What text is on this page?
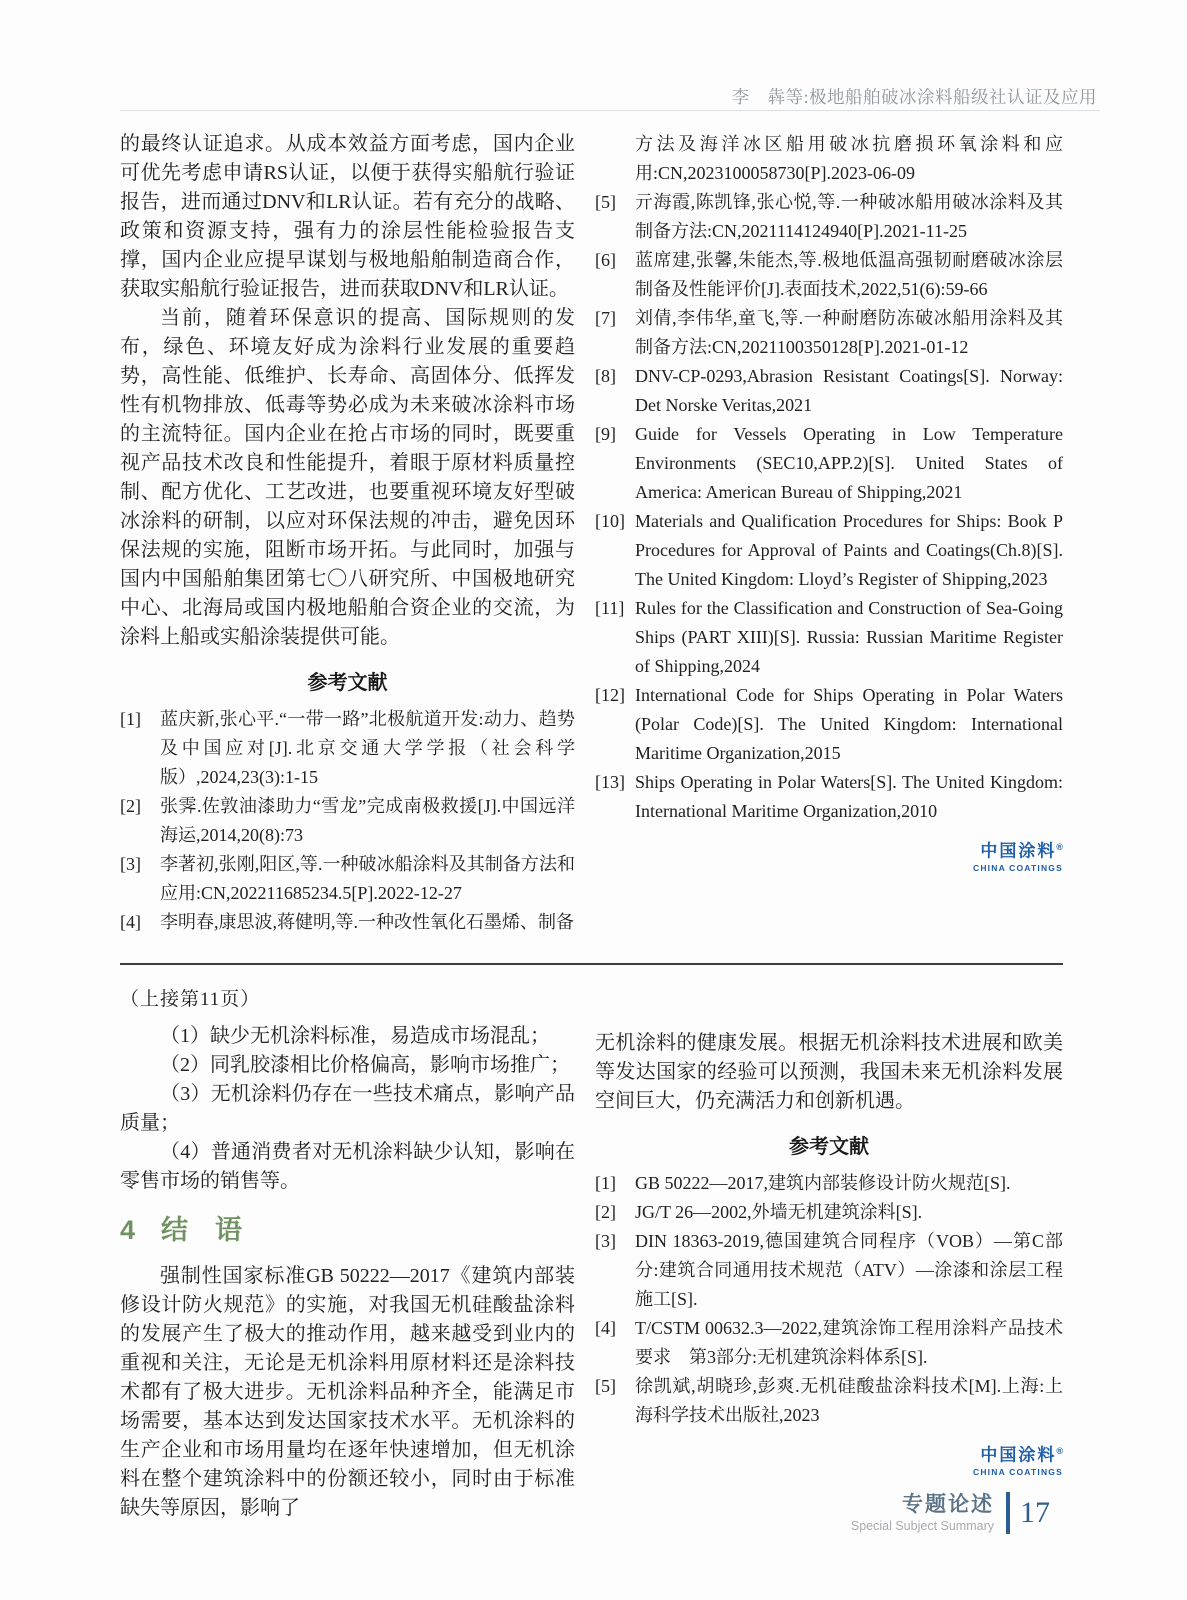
李　犇等:极地船舶破冰涂料船级社认证及应用

的最终认证追求。从成本效益方面考虑，国内企业可优先考虑申请RS认证，以便于获得实船航行验证报告，进而通过DNV和LR认证。若有充分的战略、政策和资源支持，强有力的涂层性能检验报告支撑，国内企业应提早谋划与极地船舶制造商合作，获取实船航行验证报告，进而获取DNV和LR认证。

当前，随着环保意识的提高、国际规则的发布，绿色、环境友好成为涂料行业发展的重要趋势，高性能、低维护、长寿命、高固体分、低挥发性有机物排放、低毒等势必成为未来破冰涂料市场的主流特征。国内企业在抢占市场的同时，既要重视产品技术改良和性能提升，着眼于原材料质量控制、配方优化、工艺改进，也要重视环境友好型破冰涂料的研制，以应对环保法规的冲击，避免因环保法规的实施，阻断市场开拓。与此同时，加强与国内中国船舶集团第七〇八研究所、中国极地研究中心、北海局或国内极地船舶合资企业的交流，为涂料上船或实船涂装提供可能。

参考文献
[1] 蓝庆新,张心平.“一带一路”北极航道开发:动力、趋势及中国应对[J].北京交通大学学报（社会科学版）,2024,23(3):1-15
[2] 张霁.佐敦油漆助力“雪龙”完成南极救援[J].中国远洋海运,2014,20(8):73
[3] 李著初,张刚,阳区,等.一种破冰船涂料及其制备方法和应用:CN,202211685234.5[P].2022-12-27
[4] 李明春,康思波,蒋健明,等.一种改性氧化石墨烯、制备
方法及海洋冰区船用破冰抗磨损环氧涂料和应用:CN,2023100058730[P].2023-06-09
[5] 亓海霞,陈凯锋,张心悦,等.一种破冰船用破冰涂料及其制备方法:CN,2021114124940[P].2021-11-25
[6] 蓝席建,张馨,朱能杰,等.极地低温高强韧耐磨破冰涂层制备及性能评价[J].表面技术,2022,51(6):59-66
[7] 刘倩,李伟华,童飞,等.一种耐磨防冻破冰船用涂料及其制备方法:CN,2021100350128[P].2021-01-12
[8] DNV-CP-0293,Abrasion Resistant Coatings[S]. Norway: Det Norske Veritas,2021
[9] Guide for Vessels Operating in Low Temperature Environments (SEC10,APP.2)[S]. United States of America: American Bureau of Shipping,2021
[10] Materials and Qualification Procedures for Ships: Book P Procedures for Approval of Paints and Coatings(Ch.8)[S]. The United Kingdom: Lloyd’s Register of Shipping,2023
[11] Rules for the Classification and Construction of Sea-Going Ships (PART XIII)[S]. Russia: Russian Maritime Register of Shipping,2024
[12] International Code for Ships Operating in Polar Waters (Polar Code)[S]. The United Kingdom: International Maritime Organization,2015
[13] Ships Operating in Polar Waters[S]. The United Kingdom: International Maritime Organization,2010
中国涂料®
CHINA COATINGS
（上接第11页）
（1）缺少无机涂料标准，易造成市场混乱；
（2）同乳胶漆相比价格偏高，影响市场推广；
（3）无机涂料仍存在一些技术痛点，影响产品质量；
（4）普通消费者对无机涂料缺少认知，影响在零售市场的销售等。
4 结　语

强制性国家标准GB 50222—2017《建筑内部装修设计防火规范》的实施，对我国无机硅酸盐涂料的发展产生了极大的推动作用，越来越受到业内的重视和关注，无论是无机涂料用原材料还是涂料技术都有了极大进步。无机涂料品种齐全，能满足市场需要，基本达到发达国家技术水平。无机涂料的生产企业和市场用量均在逐年快速增加，但无机涂料在整个建筑涂料中的份额还较小，同时由于标准缺失等原因，影响了

无机涂料的健康发展。根据无机涂料技术进展和欧美等发达国家的经验可以预测，我国未来无机涂料发展空间巨大，仍充满活力和创新机遇。

参考文献
[1] GB 50222—2017,建筑内部装修设计防火规范[S].
[2] JG/T 26—2002,外墙无机建筑涂料[S].
[3] DIN 18363-2019,德国建筑合同程序（VOB）—第C部分:建筑合同通用技术规范（ATV）—涂漆和涂层工程施工[S].
[4] T/CSTM 00632.3—2022,建筑涂饰工程用涂料产品技术要求　第3部分:无机建筑涂料体系[S].
[5] 徐凯斌,胡晓珍,彭爽.无机硅酸盐涂料技术[M].上海:上海科学技术出版社,2023
中国涂料®
CHINA COATINGS
专题论述
Special Subject Summary 17
